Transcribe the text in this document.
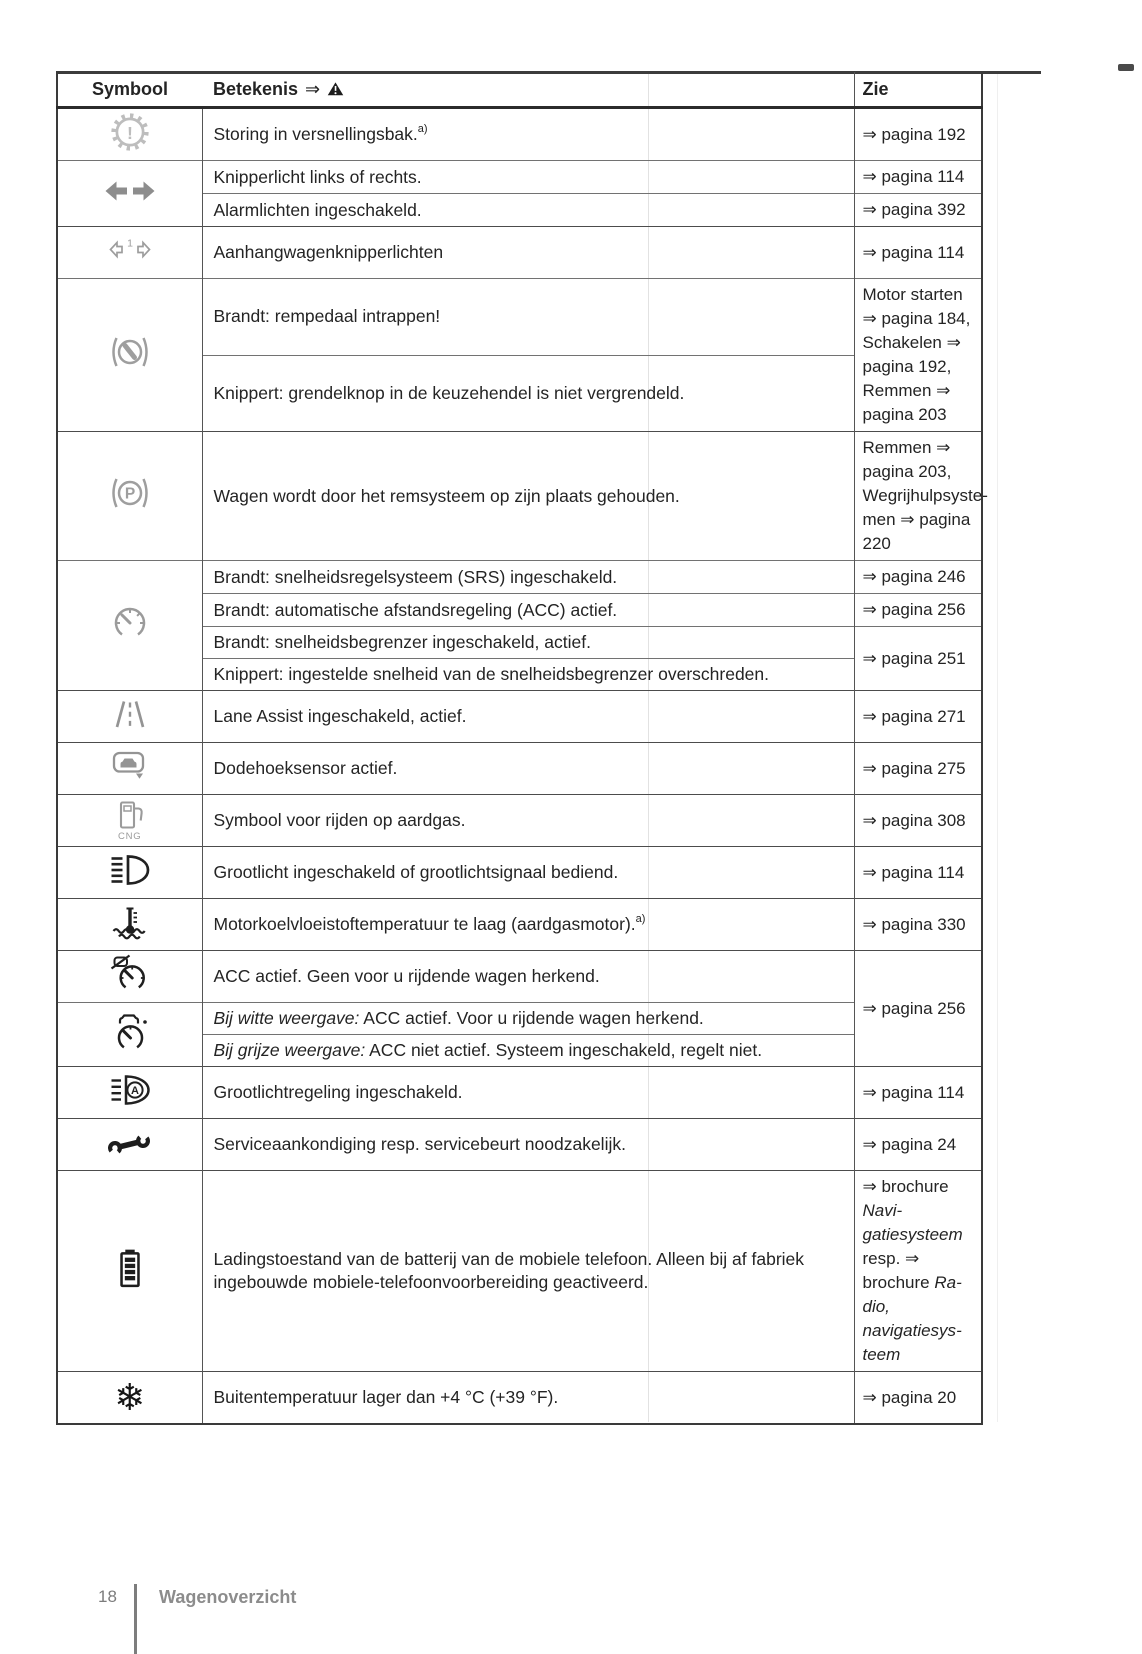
Symbool	Betekenis ⇒	Zie

!	Storing in versnellingsbak.$^{a)}$	⇒ pagina 192
	Knipperlicht links of rechts.	⇒ pagina 114
	Alarmlichten ingeschakeld.	⇒ pagina 392

1	Aanhangwagenknipperlichten	⇒ pagina 114
	Brandt: rempedaal intrappen!	Motor starten ⇒ pagina 184, Schakelen ⇒ pagina 192, Remmen ⇒ pagina 203
	Knippert: grendelknop in de keuzehendel is niet vergrendeld.	

P	Wagen wordt door het remsysteem op zijn plaats gehouden.	Remmen ⇒ pagina 203, Wegrijhulpsystemen ⇒ pagina 220
	Brandt: snelheidsregelsysteem (SRS) ingeschakeld.	⇒ pagina 246
	Brandt: automatische afstandsregeling (ACC) actief.	⇒ pagina 256
	Brandt: snelheidsbegrenzer ingeschakeld, actief.	⇒ pagina 251
	Knippert: ingestelde snelheid van de snelheidsbegrenzer overschreden.	
	Lane Assist ingeschakeld, actief.	⇒ pagina 271
	Dodehoeksensor actief.	⇒ pagina 275

CNG	Symbool voor rijden op aardgas.	⇒ pagina 308
	Grootlicht ingeschakeld of grootlichtsignaal bediend.	⇒ pagina 114
	Motorkoelvloeistoftemperatuur te laag (aardgasmotor).$^{a)}$	⇒ pagina 330
	ACC actief. Geen voor u rijdende wagen herkend.	⇒ pagina 256
	Bij witte weergave: ACC actief. Voor u rijdende wagen herkend.	
	Bij grijze weergave: ACC niet actief. Systeem ingeschakeld, regelt niet.	

A	Grootlichtregeling ingeschakeld.	⇒ pagina 114
	Serviceaankondiging resp. servicebeurt noodzakelijk.	⇒ pagina 24
	Ladingstoestand van de batterij van de mobiele telefoon. Alleen bij af fabriek ingebouwde mobiele-telefoonvoorbereiding geactiveerd.	⇒ brochure Navigatiesysteem resp. ⇒ brochure Radio, navigatiesysteem
❄	Buitentemperatuur lager dan +4 °C (+39 °F).	⇒ pagina 20
18	Wagenoverzicht
